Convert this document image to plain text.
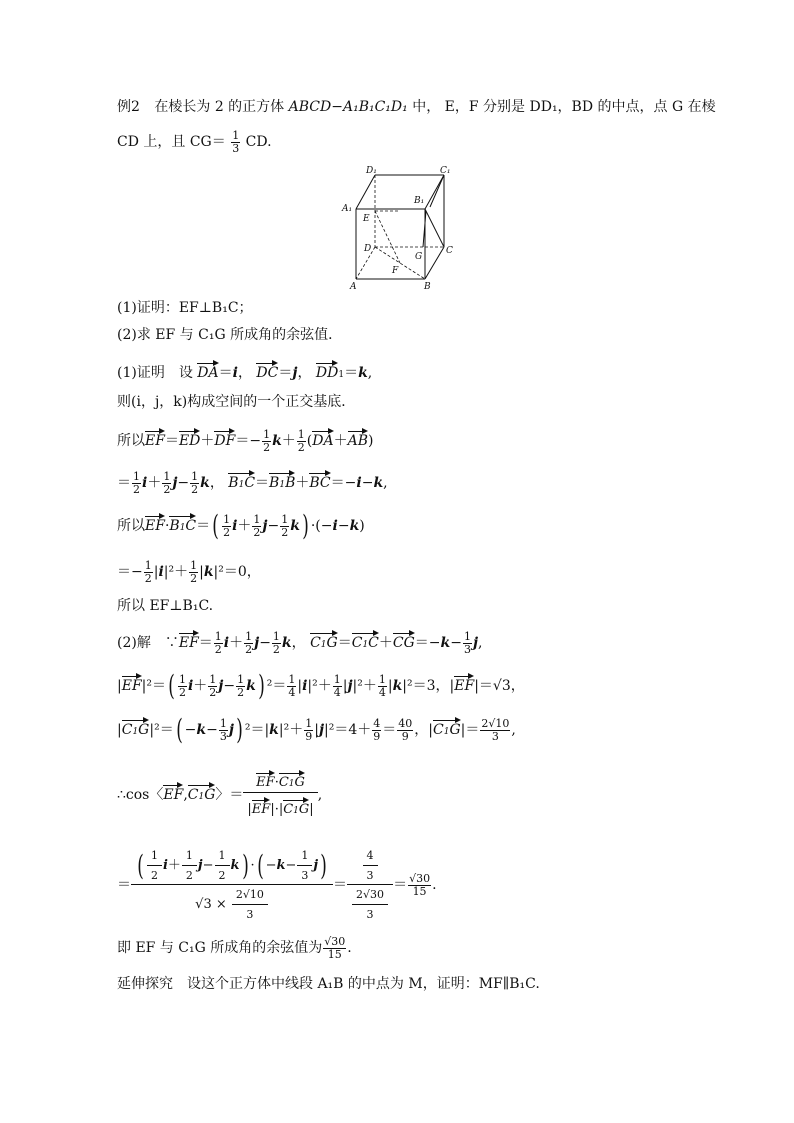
例2 在棱长为 2 的正方体 ABCD−A₁B₁C₁D₁ 中， E，F 分别是 DD₁，BD 的中点，点 G 在棱
CD 上，且 $CG= \frac{1}{3}$ CD.
D₁	C₁
A₁
B₁
E
D
G
C
F
A	B
(1)证明：EF⊥B₁C；
(2)求 EF 与 C₁G 所成角的余弦值．
(1)证明　设 DA＝i， DC＝j， DD1＝k,
则(i，j，k)构成空间的一个正交基底．
所以$EF=ED+DF=- \frac{1}{2} k+ \frac{1}{2} (DA+AB)$
＝ $\frac{1}{2} i+ \frac{1}{2} j- \frac{1}{2}$ k， B1C＝B1B＋BC＝−i−k,
所以$EF\cdot B1C=( \frac{1}{2} i+ \frac{1}{2} j- \frac{1}{2} k) \cdot(-i-k)$
＝− $\frac{1}{2} |i|^2+ \frac{1}{2} |k|^2=0$，
所以 EF⊥B₁C.
(2)解　 ∵EF＝ $\frac{1}{2} i+ \frac{1}{2} j- \frac{1}{2}$ k， $C1G=C1C+CG=-k- \frac{1}{3} j$,
$|EF|^2=( \frac{1}{2} i+ \frac{1}{2} j- \frac{1}{2} k)$ $^2= \frac{1}{4} |i|^2+ \frac{1}{4} |j|^2+ \frac{1}{4} |k|^2=3$，|EF|＝√3，
$|C1G|^2=( -k- \frac{1}{3} j)$ $^2=|k|^2+ \frac{1}{9} |j|^2=4+ \frac{4}{9} = \frac{40}{9}$ ，$|C1G|= \frac{2√10}{3}$ ,
∴cos〈EF,C1G〉＝ $\frac{EF\cdot C1G}{|EF|\cdot|C1G|}$ ,
＝ $\frac{( \frac{1}{2} i+ \frac{1}{2} j- \frac{1}{2} k) \cdot( -k- \frac{1}{3} j)}{√3 \times \frac{2√10}{3}} = \frac{\frac{4}{3}}{\frac{2√30}{3}} = \frac{√30}{15}$ .
即 EF 与 C₁G 所成角的余弦值为 $\frac{√30}{15}$ .
延伸探究　设这个正方体中线段 A₁B 的中点为 M，证明：MF∥B₁C.
